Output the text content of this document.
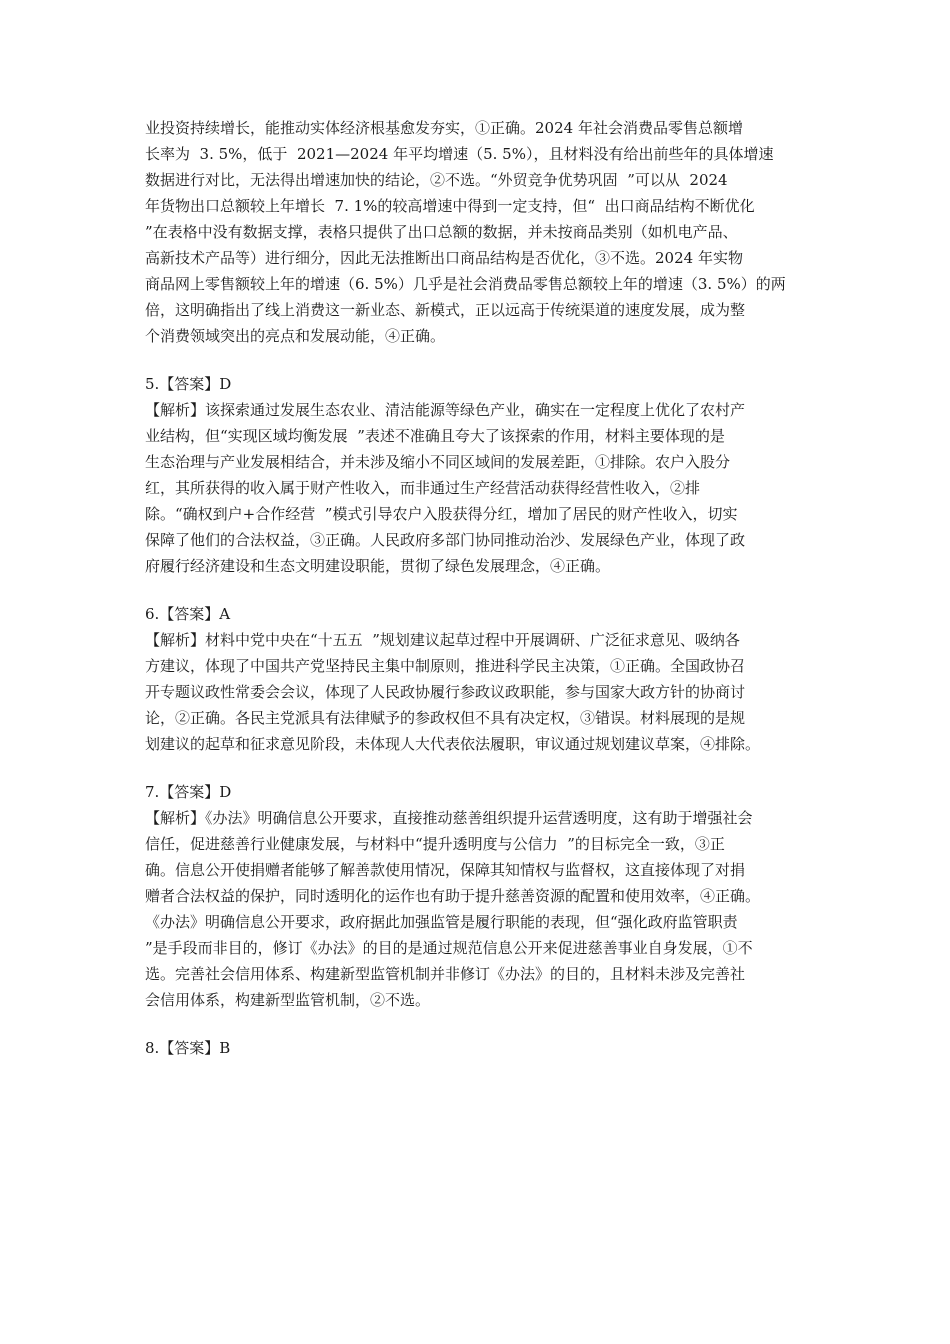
业投资持续增长，能推动实体经济根基愈发夯实，①正确。2024 年社会消费品零售总额增

长率为  3. 5%，低于  2021—2024 年平均增速（5. 5%），且材料没有给出前些年的具体增速

数据进行对比，无法得出增速加快的结论，②不选。“外贸竞争优势巩固  ”可以从  2024

年货物出口总额较上年增长  7. 1%的较高增速中得到一定支持，但“  出口商品结构不断优化

”在表格中没有数据支撑，表格只提供了出口总额的数据，并未按商品类别（如机电产品、

高新技术产品等）进行细分，因此无法推断出口商品结构是否优化，③不选。2024 年实物

商品网上零售额较上年的增速（6. 5%）几乎是社会消费品零售总额较上年的增速（3. 5%）的两

倍，这明确指出了线上消费这一新业态、新模式，正以远高于传统渠道的速度发展，成为整

个消费领域突出的亮点和发展动能，④正确。

5.【答案】D

【解析】该探索通过发展生态农业、清洁能源等绿色产业，确实在一定程度上优化了农村产

业结构，但“实现区域均衡发展  ”表述不准确且夸大了该探索的作用，材料主要体现的是

生态治理与产业发展相结合，并未涉及缩小不同区域间的发展差距，①排除。农户入股分

红，其所获得的收入属于财产性收入，而非通过生产经营活动获得经营性收入，②排

除。“确权到户+合作经营  ”模式引导农户入股获得分红，增加了居民的财产性收入，切实

保障了他们的合法权益，③正确。人民政府多部门协同推动治沙、发展绿色产业，体现了政

府履行经济建设和生态文明建设职能，贯彻了绿色发展理念，④正确。

6.【答案】A

【解析】材料中党中央在“十五五  ”规划建议起草过程中开展调研、广泛征求意见、吸纳各

方建议，体现了中国共产党坚持民主集中制原则，推进科学民主决策，①正确。全国政协召

开专题议政性常委会会议，体现了人民政协履行参政议政职能，参与国家大政方针的协商讨

论，②正确。各民主党派具有法律赋予的参政权但不具有决定权，③错误。材料展现的是规

划建议的起草和征求意见阶段，未体现人大代表依法履职，审议通过规划建议草案，④排除。

7.【答案】D

【解析】《办法》明确信息公开要求，直接推动慈善组织提升运营透明度，这有助于增强社会

信任，促进慈善行业健康发展，与材料中“提升透明度与公信力  ”的目标完全一致，③正

确。信息公开使捐赠者能够了解善款使用情况，保障其知情权与监督权，这直接体现了对捐

赠者合法权益的保护，同时透明化的运作也有助于提升慈善资源的配置和使用效率，④正确。

《办法》明确信息公开要求，政府据此加强监管是履行职能的表现，但“强化政府监管职责

”是手段而非目的，修订《办法》的目的是通过规范信息公开来促进慈善事业自身发展，①不

选。完善社会信用体系、构建新型监管机制并非修订《办法》的目的，且材料未涉及完善社

会信用体系，构建新型监管机制，②不选。

8.【答案】B
